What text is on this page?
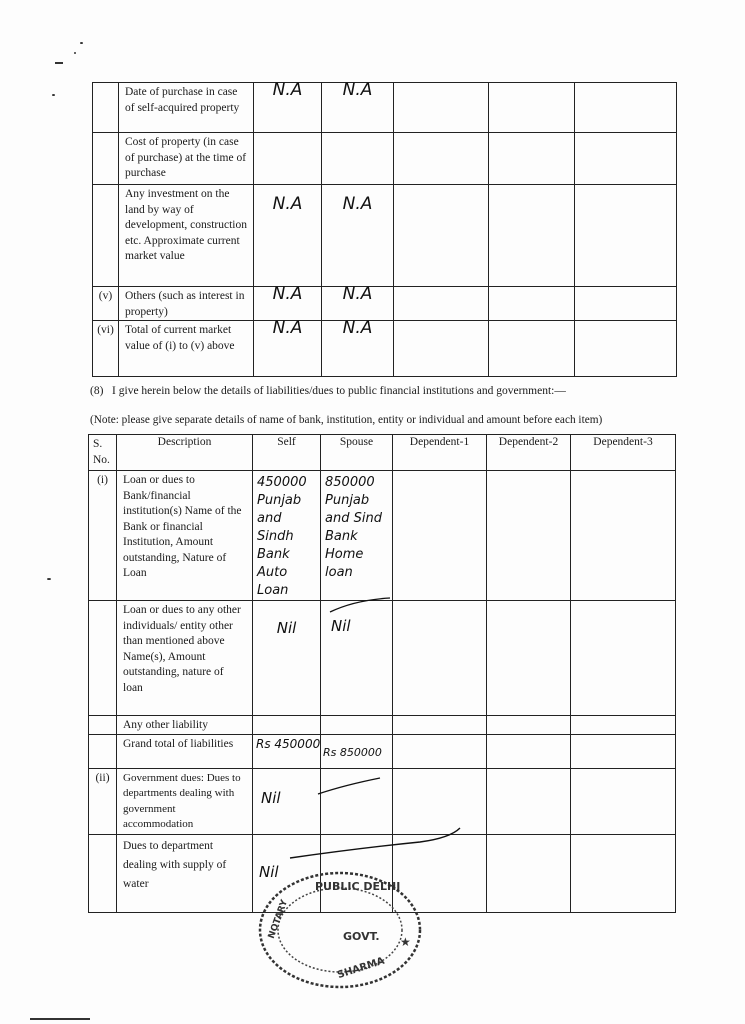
	Date of purchase in case of self-acquired property	N.A	N.A			

	Cost of property (in case of purchase) at the time of purchase	

	Any investment on the land by way of development, construction etc. Approximate current market value	N.A	N.A			

(v)	Others (such as interest in property)	N.A	N.A			

(vi)	Total of current market value of (i) to (v) above	N.A	N.A			

(8) I give herein below the details of liabilities/dues to public financial institutions and government:—
(Note: please give separate details of name of bank, institution, entity or individual and amount before each item)
S. No.	Description	Self	Spouse	Dependent-1	Dependent-2	Dependent-3
(i)	Loan or dues to Bank/financial institution(s) Name of the Bank or financial Institution, Amount outstanding, Nature of Loan	450000 Punjab and Sindh Bank Auto Loan	850000 Punjab and Sind Bank Home loan			

	Loan or dues to any other individuals/ entity other than mentioned above Name(s), Amount outstanding, nature of loan	Nil	Nil			

	Any other liability	

	Grand total of liabilities	Rs 450000	Rs 850000			

(ii)	Government dues: Dues to departments dealing with government accommodation	Nil				

	Dues to department dealing with supply of water	Nil				

PUBLIC DELHI
NOTARY	GOVT.
SHARMA
★
